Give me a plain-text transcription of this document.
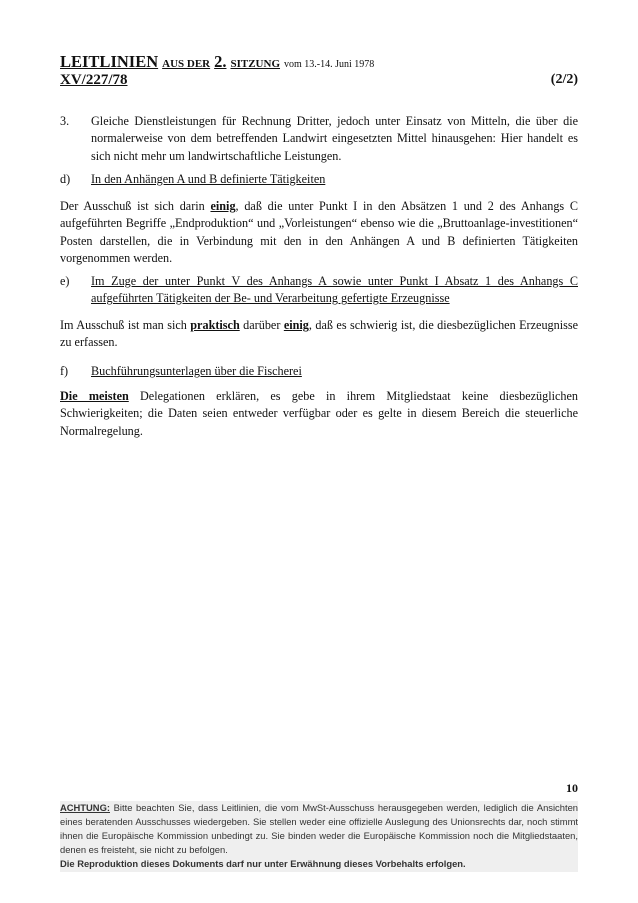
LEITLINIEN AUS DER 2. SITZUNG vom 13.-14. Juni 1978
XV/227/78	(2/2)
3. Gleiche Dienstleistungen für Rechnung Dritter, jedoch unter Einsatz von Mitteln, die über die normalerweise von dem betreffenden Landwirt eingesetzten Mittel hinausgehen: Hier handelt es sich nicht mehr um landwirtschaftliche Leistungen.
d) In den Anhängen A und B definierte Tätigkeiten
Der Ausschuß ist sich darin einig, daß die unter Punkt I in den Absätzen 1 und 2 des Anhangs C aufgeführten Begriffe „Endproduktion“ und „Vorleistungen“ ebenso wie die „Bruttoanlage-investitionen“ Posten darstellen, die in Verbindung mit den in den Anhängen A und B definierten Tätigkeiten vorgenommen werden.
e) Im Zuge der unter Punkt V des Anhangs A sowie unter Punkt I Absatz 1 des Anhangs C aufgeführten Tätigkeiten der Be- und Verarbeitung gefertigte Erzeugnisse
Im Ausschuß ist man sich praktisch darüber einig, daß es schwierig ist, die diesbezüglichen Erzeugnisse zu erfassen.
f) Buchführungsunterlagen über die Fischerei
Die meisten Delegationen erklären, es gebe in ihrem Mitgliedstaat keine diesbezüglichen Schwierigkeiten; die Daten seien entweder verfügbar oder es gelte in diesem Bereich die steuerliche Normalregelung.
10
ACHTUNG: Bitte beachten Sie, dass Leitlinien, die vom MwSt-Ausschuss herausgegeben werden, lediglich die Ansichten eines beratenden Ausschusses wiedergeben. Sie stellen weder eine offizielle Auslegung des Unionsrechts dar, noch stimmt ihnen die Europäische Kommission unbedingt zu. Sie binden weder die Europäische Kommission noch die Mitgliedstaaten, denen es freisteht, sie nicht zu befolgen.
Die Reproduktion dieses Dokuments darf nur unter Erwähnung dieses Vorbehalts erfolgen.
